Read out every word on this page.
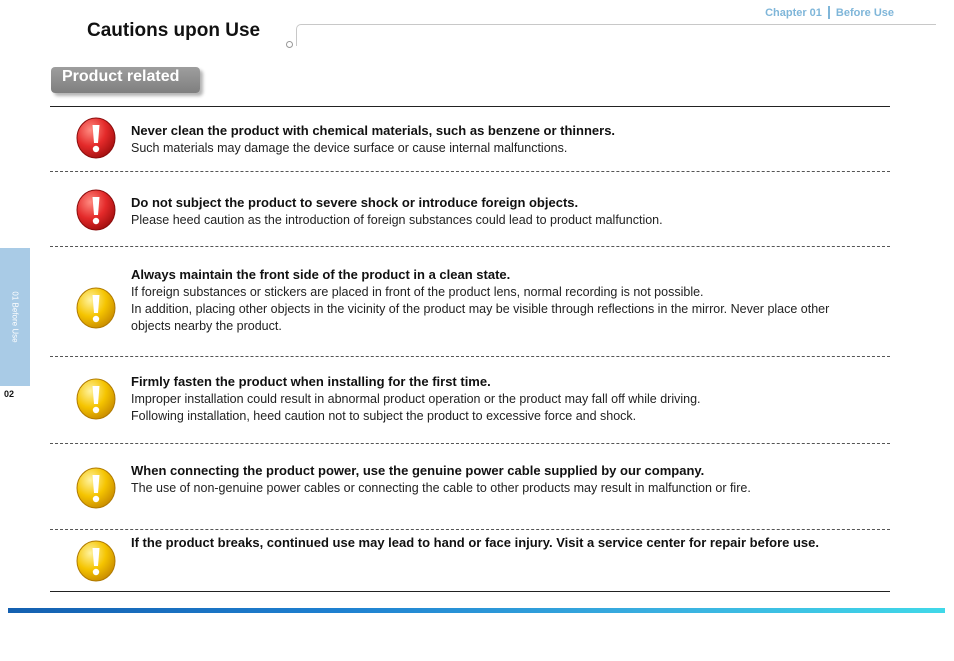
Chapter 01 Before Use
Cautions upon Use
Product related
01 Before Use
02
Never clean the product with chemical materials, such as benzene or thinners.
Such materials may damage the device surface or cause internal malfunctions.
Do not subject the product to severe shock or introduce foreign objects.
Please heed caution as the introduction of foreign substances could lead to product malfunction.
Always maintain the front side of the product in a clean state.
If foreign substances or stickers are placed in front of the product lens, normal recording is not possible.
In addition, placing other objects in the vicinity of the product may be visible through reflections in the mirror. Never place other objects nearby the product.
Firmly fasten the product when installing for the first time.
Improper installation could result in abnormal product operation or the product may fall off while driving.
Following installation, heed caution not to subject the product to excessive force and shock.
When connecting the product power, use the genuine power cable supplied by our company.
The use of non-genuine power cables or connecting the cable to other products may result in malfunction or fire.
If the product breaks, continued use may lead to hand or face injury. Visit a service center for repair before use.
